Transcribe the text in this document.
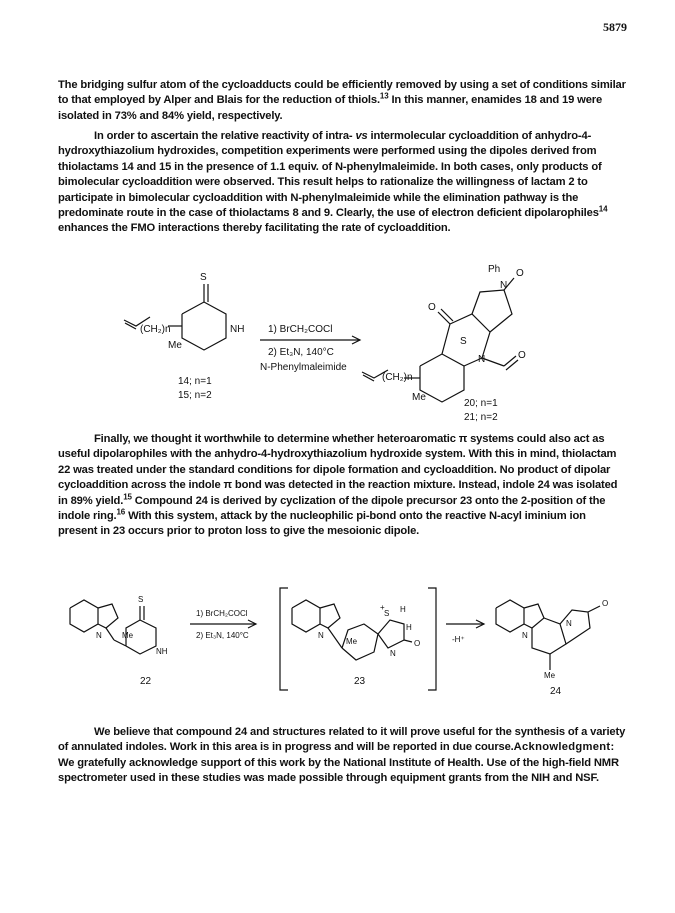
5879

The bridging sulfur atom of the cycloadducts could be efficiently removed by using a set of conditions similar to that employed by Alper and Blais for the reduction of thiols.$^{13}$ In this manner, enamides 18 and 19 were isolated in 73% and 84% yield, respectively.

In order to ascertain the relative reactivity of intra- vs intermolecular cycloaddition of anhydro-4-hydroxythiazolium hydroxides, competition experiments were performed using the dipoles derived from thiolactams 14 and 15 in the presence of 1.1 equiv. of N-phenylmaleimide. In both cases, only products of bimolecular cycloaddition were observed. This result helps to rationalize the willingness of lactam 2 to participate in bimolecular cycloaddition with N-phenylmaleimide while the elimination pathway is the predominate route in the case of thiolactams 8 and 9. Clearly, the use of electron deficient dipolarophiles$^{14}$ enhances the FMO interactions thereby facilitating the rate of cycloaddition.

S
NH
Me
(CH₂)n	1) BrCH₂COCl
2) Et₃N, 140°C
N-Phenylmaleimide
14; n=1
15; n=2
Ph
N
O
O
S
N	O
(CH₂)n
Me
20; n=1
21; n=2

Finally, we thought it worthwhile to determine whether heteroaromatic π systems could also act as useful dipolarophiles with the anhydro-4-hydroxythiazolium hydroxide system. With this in mind, thiolactam 22 was treated under the standard conditions for dipole formation and cycloaddition. No product of dipolar cycloaddition across the indole π bond was detected in the reaction mixture. Instead, indole 24 was isolated in 89% yield.$^{15}$ Compound 24 is derived by cyclization of the dipole precursor 23 onto the 2-position of the indole ring.$^{16}$ With this system, attack by the nucleophilic pi-bond onto the reactive N-acyl iminium ion present in 23 occurs prior to proton loss to give the mesoionic dipole.

Me
S
NH
N
22
1) BrCH₂COCl
2) Et₃N, 140°C	N
Me
S
+ H
H
O
N
23
-H⁺	N
N
O
Me
24

We believe that compound 24 and structures related to it will prove useful for the synthesis of a variety of annulated indoles. Work in this area is in progress and will be reported in due course.Acknowledgment: We gratefully acknowledge support of this work by the National Institute of Health. Use of the high-field NMR spectrometer used in these studies was made possible through equipment grants from the NIH and NSF.
